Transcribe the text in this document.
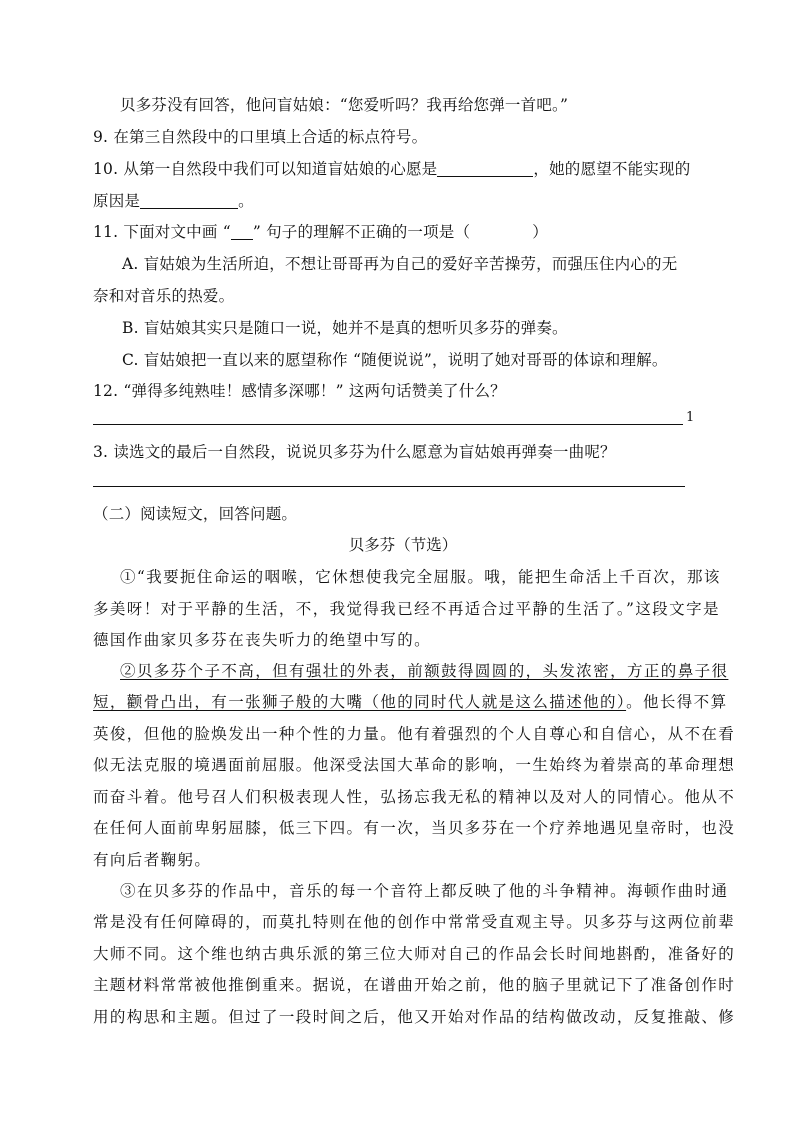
贝多芬没有回答，他问盲姑娘：“您爱听吗？我再给您弹一首吧。”
9. 在第三自然段中的口里填上合适的标点符号。
10. 从第一自然段中我们可以知道盲姑娘的心愿是	，她的愿望不能实现的
原因是	。
11. 下面对文中画 “ ” 句子的理解不正确的一项是（	）
A. 盲姑娘为生活所迫，不想让哥哥再为自己的爱好辛苦操劳，而强压住内心的无
奈和对音乐的热爱。
B. 盲姑娘其实只是随口一说，她并不是真的想听贝多芬的弹奏。
C. 盲姑娘把一直以来的愿望称作 “随便说说”，说明了她对哥哥的体谅和理解。
12. “弹得多纯熟哇！感情多深哪！” 这两句话赞美了什么？
1
3. 读选文的最后一自然段，说说贝多芬为什么愿意为盲姑娘再弹奏一曲呢？
（二）阅读短文，回答问题。
贝多芬（节选）
①“我要扼住命运的咽喉，它休想使我完全屈服。哦，能把生命活上千百次，那该
多美呀！对于平静的生活，不，我觉得我已经不再适合过平静的生活了。”这段文字是
德国作曲家贝多芬在丧失听力的绝望中写的。
②贝多芬个子不高，但有强壮的外表，前额鼓得圆圆的，头发浓密，方正的鼻子很
短，颧骨凸出，有一张狮子般的大嘴（他的同时代人就是这么描述他的）。他长得不算
英俊，但他的脸焕发出一种个性的力量。他有着强烈的个人自尊心和自信心，从不在看
似无法克服的境遇面前屈服。他深受法国大革命的影响，一生始终为着崇高的革命理想
而奋斗着。他号召人们积极表现人性，弘扬忘我无私的精神以及对人的同情心。他从不
在任何人面前卑躬屈膝，低三下四。有一次，当贝多芬在一个疗养地遇见皇帝时，也没
有向后者鞠躬。
③在贝多芬的作品中，音乐的每一个音符上都反映了他的斗争精神。海顿作曲时通
常是没有任何障碍的，而莫扎特则在他的创作中常常受直观主导。贝多芬与这两位前辈
大师不同。这个维也纳古典乐派的第三位大师对自己的作品会长时间地斟酌，准备好的
主题材料常常被他推倒重来。据说，在谱曲开始之前，他的脑子里就记下了准备创作时
用的构思和主题。但过了一段时间之后，他又开始对作品的结构做改动，反复推敲、修
